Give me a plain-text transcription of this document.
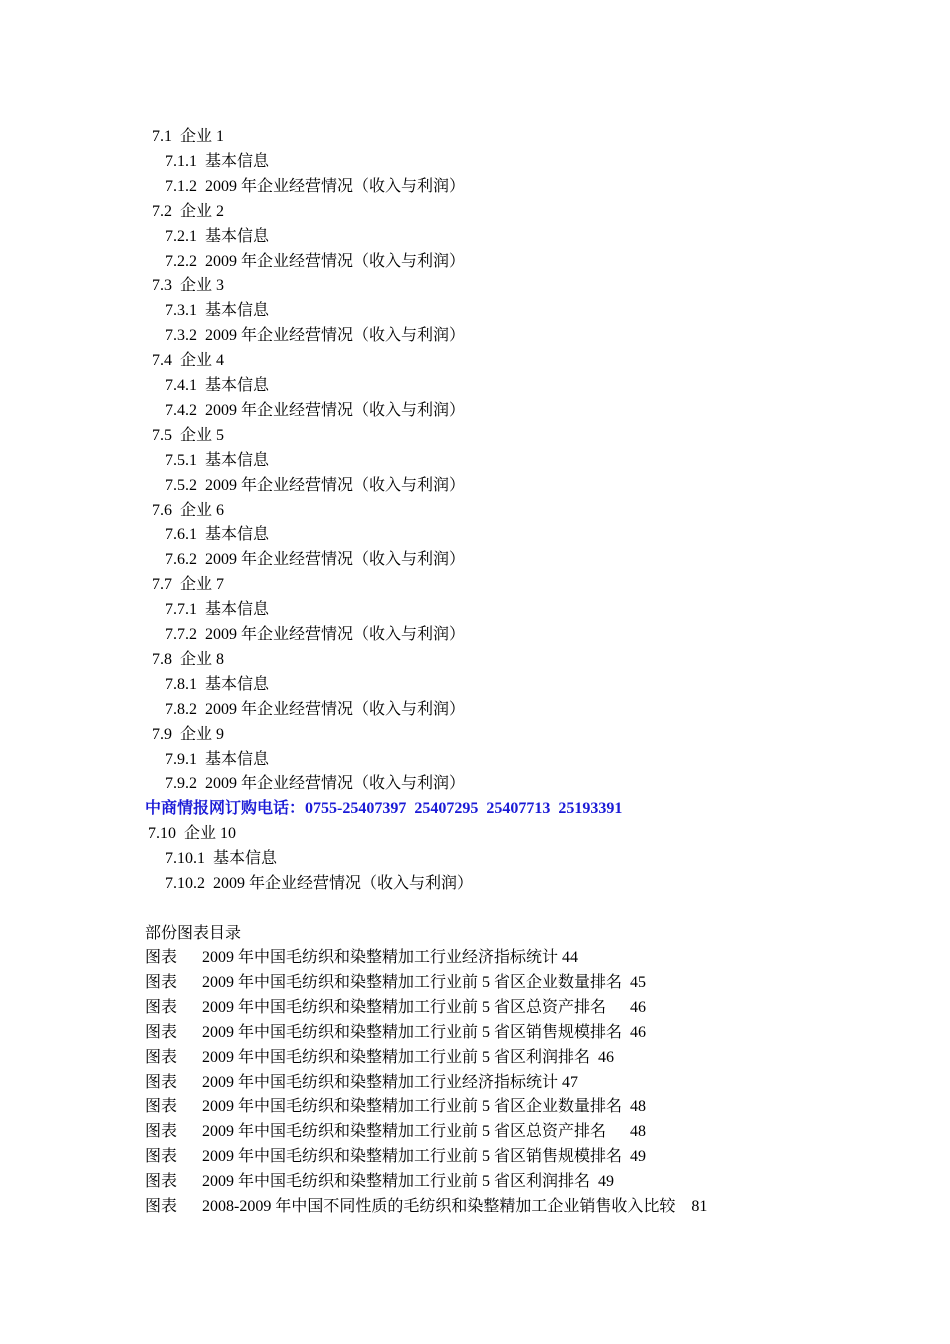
7.1 企业 1
7.1.1 基本信息
7.1.2 2009 年企业经营情况（收入与利润）
7.2 企业 2
7.2.1 基本信息
7.2.2 2009 年企业经营情况（收入与利润）
7.3 企业 3
7.3.1 基本信息
7.3.2 2009 年企业经营情况（收入与利润）
7.4 企业 4
7.4.1 基本信息
7.4.2 2009 年企业经营情况（收入与利润）
7.5 企业 5
7.5.1 基本信息
7.5.2 2009 年企业经营情况（收入与利润）
7.6 企业 6
7.6.1 基本信息
7.6.2 2009 年企业经营情况（收入与利润）
7.7 企业 7
7.7.1 基本信息
7.7.2 2009 年企业经营情况（收入与利润）
7.8 企业 8
7.8.1 基本信息
7.8.2 2009 年企业经营情况（收入与利润）
7.9 企业 9
7.9.1 基本信息
7.9.2 2009 年企业经营情况（收入与利润）
中商情报网订购电话：0755-25407397  25407295  25407713  25193391
7.10 企业 10
7.10.1 基本信息
7.10.2 2009 年企业经营情况（收入与利润）
部份图表目录
图表 2009 年中国毛纺织和染整精加工行业经济指标统计 44
图表 2009 年中国毛纺织和染整精加工行业前 5 省区企业数量排名  45
图表 2009 年中国毛纺织和染整精加工行业前 5 省区总资产排名      46
图表 2009 年中国毛纺织和染整精加工行业前 5 省区销售规模排名  46
图表 2009 年中国毛纺织和染整精加工行业前 5 省区利润排名  46
图表 2009 年中国毛纺织和染整精加工行业经济指标统计 47
图表 2009 年中国毛纺织和染整精加工行业前 5 省区企业数量排名  48
图表 2009 年中国毛纺织和染整精加工行业前 5 省区总资产排名      48
图表 2009 年中国毛纺织和染整精加工行业前 5 省区销售规模排名  49
图表 2009 年中国毛纺织和染整精加工行业前 5 省区利润排名  49
图表 2008-2009 年中国不同性质的毛纺织和染整精加工企业销售收入比较    81
